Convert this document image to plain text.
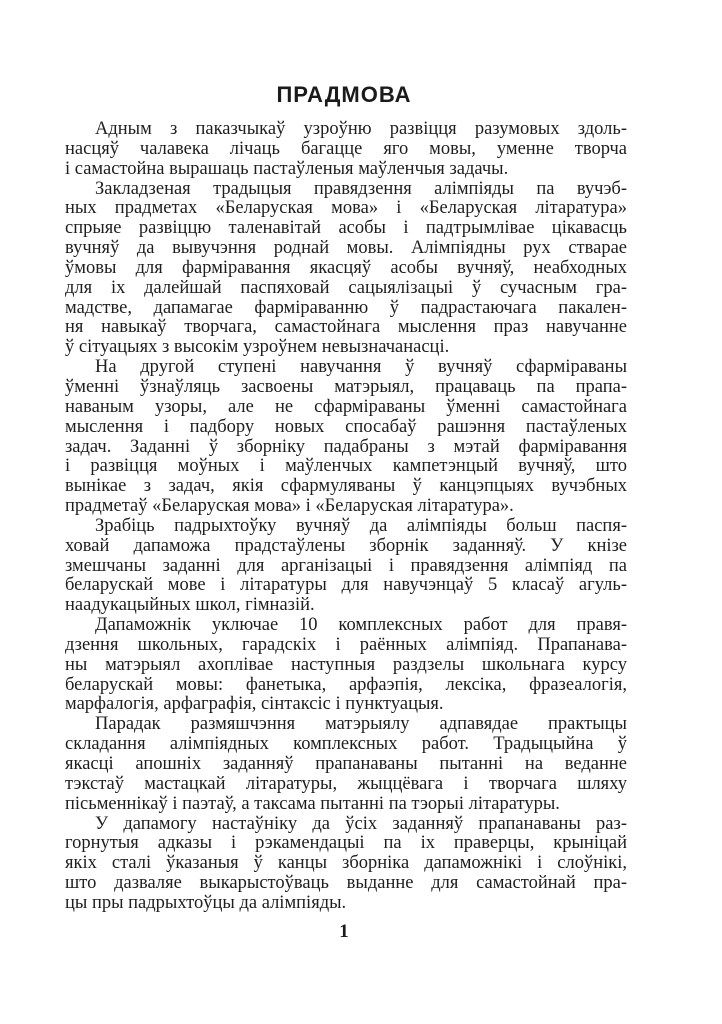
ПРАДМОВА

Адным з паказчыкаў узроўню развіцця разумовых здоль-
насцяў чалавека лічаць багацце яго мовы, уменне творча
і самастойна вырашаць пастаўленыя маўленчыя задачы.

Закладзеная традыцыя правядзення алімпіяды па вучэб-
ных прадметах «Беларуская мова» і «Беларуская літаратура»
спрыяе развіццю таленавітай асобы і падтрымлівае цікавасць
вучняў да вывучэння роднай мовы. Алімпіядны рух стварае
ўмовы для фарміравання якасцяў асобы вучняў, неабходных
для іх далейшай паспяховай сацыялізацыі ў сучасным гра-
мадстве, дапамагае фарміраванню ў падрастаючага пакален-
ня навыкаў творчага, самастойнага мыслення праз навучанне
ў сітуацыях з высокім узроўнем невызначанасці.

На другой ступені навучання ў вучняў сфарміраваны
ўменні ўзнаўляць засвоены матэрыял, працаваць па прапа-
наваным узоры, але не сфарміраваны ўменні самастойнага
мыслення і падбору новых спосабаў рашэння пастаўленых
задач. Заданні ў зборніку падабраны з мэтай фарміравання
і развіцця моўных і маўленчых кампетэнцый вучняў, што
вынікае з задач, якія сфармуляваны ў канцэпцыях вучэбных
прадметаў «Беларуская мова» і «Беларуская літаратура».

Зрабіць падрыхтоўку вучняў да алімпіяды больш паспя-
ховай дапаможа прадстаўлены зборнік заданняў. У кнізе
змешчаны заданні для арганізацыі і правядзення алімпіяд па
беларускай мове і літаратуры для навучэнцаў 5 класаў агуль-
наадукацыйных школ, гімназій.

Дапаможнік уключае 10 комплексных работ для правя-
дзення школьных, гарадскіх і раённых алімпіяд. Прапанава-
ны матэрыял ахоплівае наступныя раздзелы школьнага курсу
беларускай мовы: фанетыка, арфаэпія, лексіка, фразеалогія,
марфалогія, арфаграфія, сінтаксіс і пунктуацыя.

Парадак размяшчэння матэрыялу адпавядае практыцы
складання алімпіядных комплексных работ. Традыцыйна ў
якасці апошніх заданняў прапанаваны пытанні на веданне
тэкстаў мастацкай літаратуры, жыццёвага і творчага шляху
пісьменнікаў і паэтаў, а таксама пытанні па тэорыі літаратуры.

У дапамогу настаўніку да ўсіх заданняў прапанаваны раз-
горнутыя адказы і рэкамендацыі па іх праверцы, крыніцай
якіх сталі ўказаныя ў канцы зборніка дапаможнікі і слоўнікі,
што дазваляе выкарыстоўваць выданне для самастойнай пра-
цы пры падрыхтоўцы да алімпіяды.

1
